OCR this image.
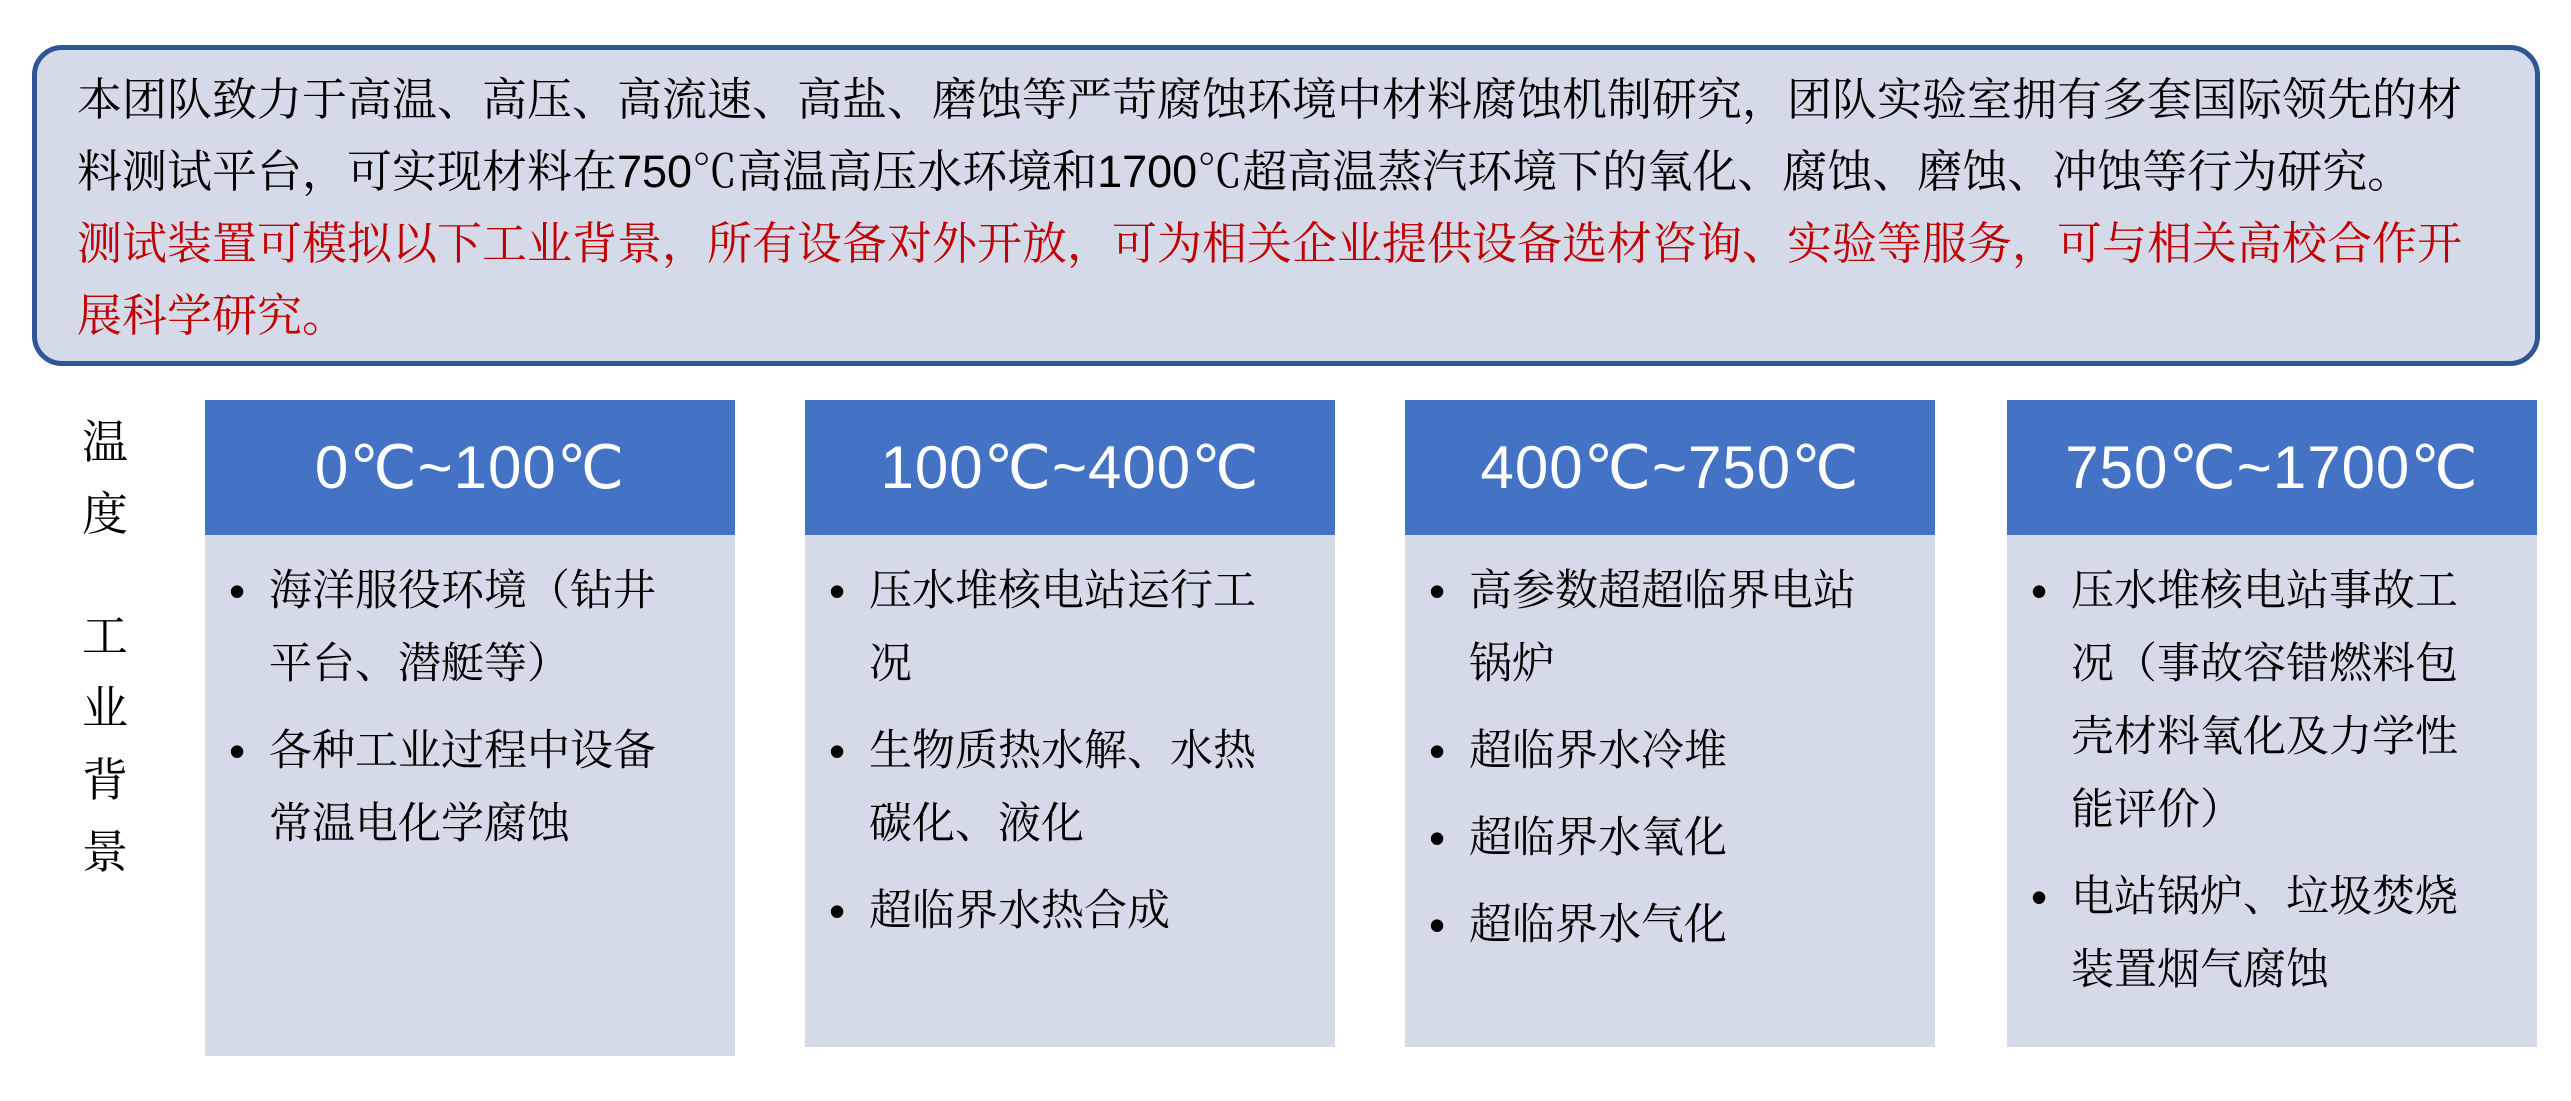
本团队致力于高温、高压、高流速、高盐、磨蚀等严苛腐蚀环境中材料腐蚀机制研究，团队实验室拥有多套国际领先的材料测试平台，可实现材料在750℃高温高压水环境和1700℃超高温蒸汽环境下的氧化、腐蚀、磨蚀、冲蚀等行为研究。

测试装置可模拟以下工业背景，所有设备对外开放，可为相关企业提供设备选材咨询、实验等服务，可与相关高校合作开展科学研究。

温度
工业背景
0℃~100℃
• 海洋服役环境（钻井平台、潜艇等）
• 各种工业过程中设备常温电化学腐蚀
100℃~400℃
• 压水堆核电站运行工况
• 生物质热水解、水热碳化、液化
• 超临界水热合成
400℃~750℃
• 高参数超超临界电站锅炉
• 超临界水冷堆
• 超临界水氧化
• 超临界水气化
750℃~1700℃
• 压水堆核电站事故工况（事故容错燃料包壳材料氧化及力学性能评价）
• 电站锅炉、垃圾焚烧装置烟气腐蚀
